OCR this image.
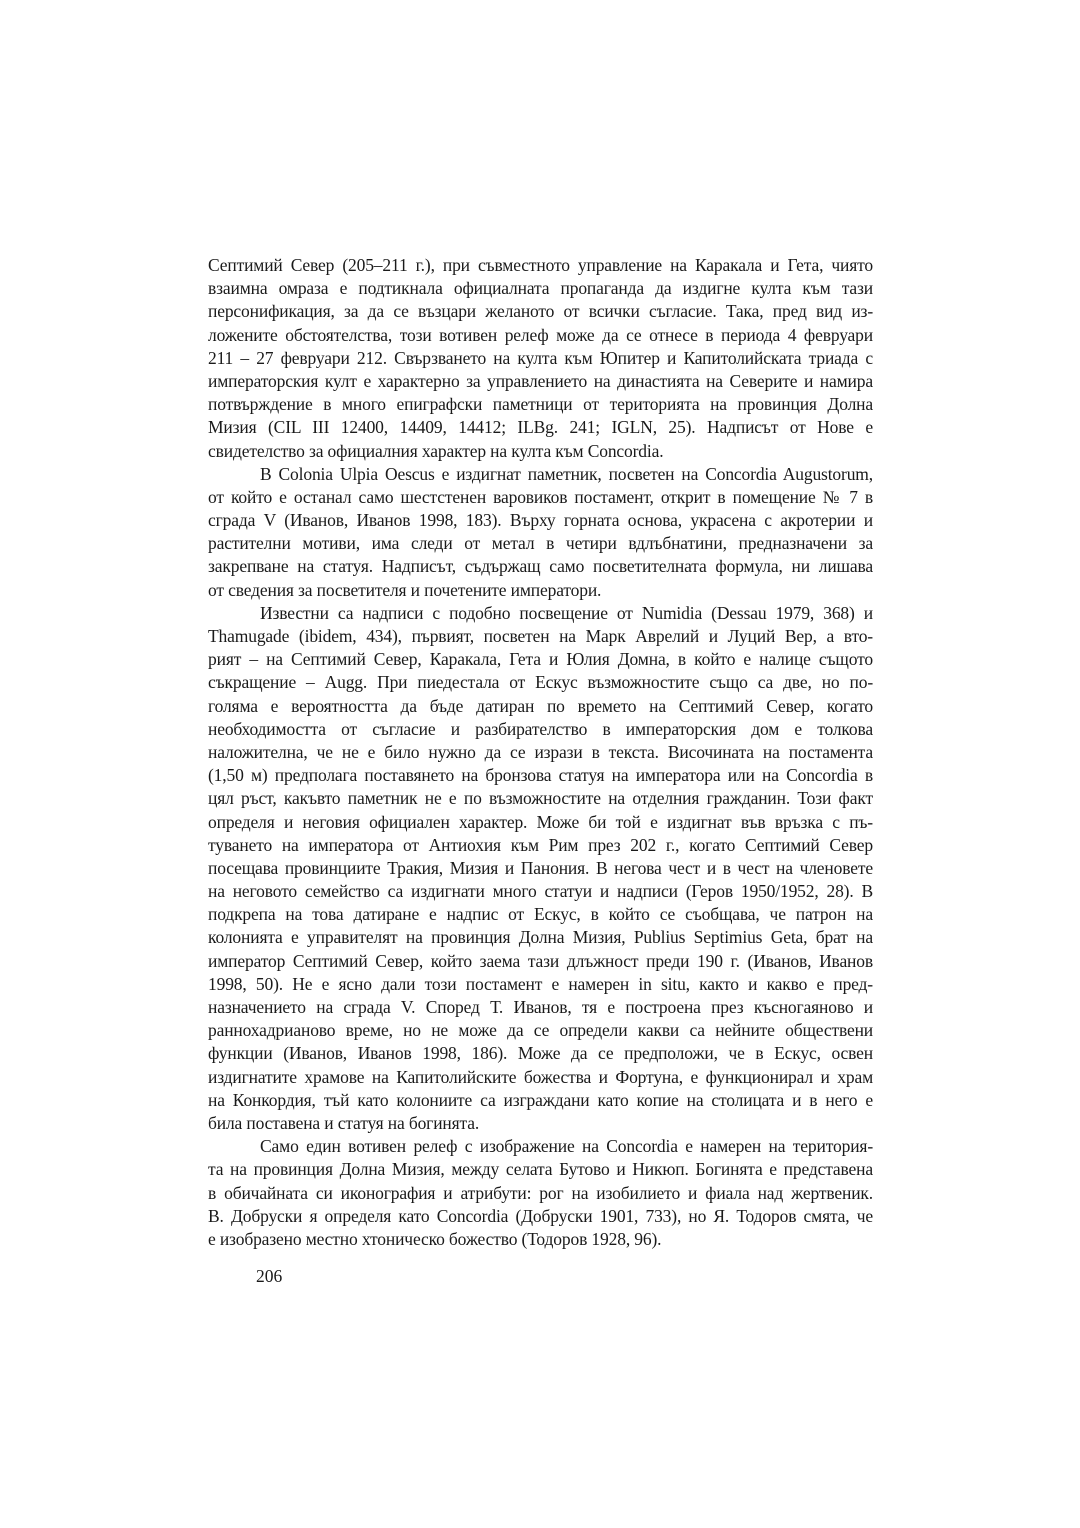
Септимий Север (205–211 г.), при съвместното управление на Каракала и Гета, чиято
взаимна омраза е подтикнала официалната пропаганда да издигне култа към тази
персонификация, за да се възцари желаното от всички съгласие. Така, пред вид из-
ложените обстоятелства, този вотивен релеф може да се отнесе в периода 4 февруари
211 – 27 февруари 212. Свързването на култа към Юпитер и Капитолийската триада с
императорския култ е характерно за управлението на династията на Северите и намира
потвърждение в много епиграфски паметници от територията на провинция Долна
Мизия (CIL III 12400, 14409, 14412; ILBg. 241; IGLN, 25). Надписът от Нове е
свидетелство за официалния характер на култа към Concordia.
В Colonia Ulpia Oescus е издигнат паметник, посветен на Concordia Augustorum,
от който е останал само шестстенен варовиков постамент, открит в помещение № 7 в
сграда V (Иванов, Иванов 1998, 183). Върху горната основа, украсена с акротерии и
растителни мотиви, има следи от метал в четири вдлъбнатини, предназначени за
закрепване на статуя. Надписът, съдържащ само посветителната формула, ни лишава
от сведения за посветителя и почетените императори.
Известни са надписи с подобно посвещение от Numidia (Dessau 1979, 368) и
Thamugade (ibidem, 434), първият, посветен на Марк Аврелий и Луций Вер, а вто-
рият – на Септимий Север, Каракала, Гета и Юлия Домна, в който е налице същото
съкращение – Augg. При пиедестала от Ескус възможностите също са две, но по-
голяма е вероятността да бъде датиран по времето на Септимий Север, когато
необходимостта от съгласие и разбирателство в императорския дом е толкова
наложителна, че не е било нужно да се изрази в текста. Височината на постамента
(1,50 м) предполага поставянето на бронзова статуя на императора или на Concordia в
цял ръст, какъвто паметник не е по възможностите на отделния гражданин. Този факт
определя и неговия официален характер. Може би той е издигнат във връзка с пъ-
туването на императора от Антиохия към Рим през 202 г., когато Септимий Север
посещава провинциите Тракия, Мизия и Панония. В негова чест и в чест на членовете
на неговото семейство са издигнати много статуи и надписи (Геров 1950/1952, 28). В
подкрепа на това датиране е надпис от Ескус, в който се съобщава, че патрон на
колонията е управителят на провинция Долна Мизия, Publius Septimius Geta, брат на
император Септимий Север, който заема тази длъжност преди 190 г. (Иванов, Иванов
1998, 50). Не е ясно дали този постамент е намерен in situ, както и какво е пред-
назначението на сграда V. Според Т. Иванов, тя е построена през късногаяново и
раннохадрианово време, но не може да се определи какви са нейните обществени
функции (Иванов, Иванов 1998, 186). Може да се предположи, че в Ескус, освен
издигнатите храмове на Капитолийските божества и Фортуна, е функционирал и храм
на Конкордия, тъй като колониите са изграждани като копие на столицата и в него е
била поставена и статуя на богинята.
Само един вотивен релеф с изображение на Concordia е намерен на територия-
та на провинция Долна Мизия, между селата Бутово и Никюп. Богинята е представена
в обичайната си иконография и атрибути: рог на изобилието и фиала над жертвеник.
В. Добруски я определя като Concordia (Добруски 1901, 733), но Я. Тодоров смята, че
е изобразено местно хтоническо божество (Тодоров 1928, 96).
206
